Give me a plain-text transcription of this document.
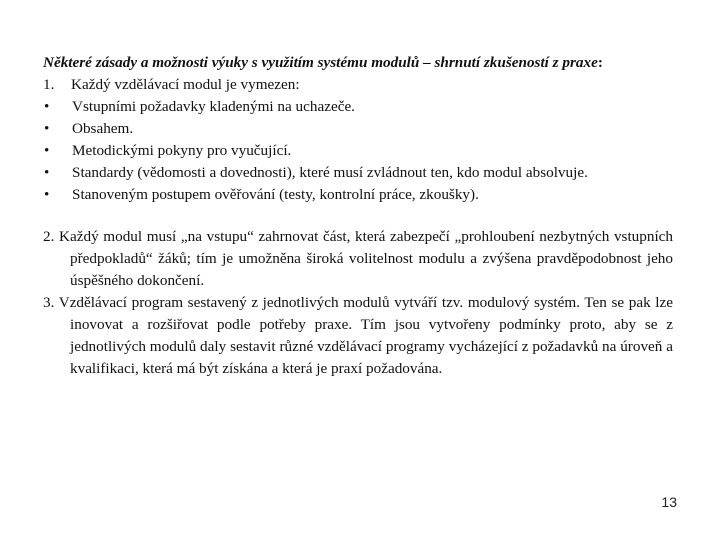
Některé zásady a možnosti výuky s využitím systému modulů – shrnutí zkušeností z praxe:
1.	Každý vzdělávací modul je vymezen:
•	Vstupními požadavky kladenými na uchazeče.
•	Obsahem.
•	Metodickými pokyny pro vyučující.
•	Standardy (vědomosti a dovednosti), které musí zvládnout ten, kdo modul absolvuje.
•	Stanoveným postupem ověřování (testy, kontrolní práce, zkoušky).
2. Každý modul musí „na vstupu“ zahrnovat část, která zabezpečí „prohloubení nezbytných vstupních předpokladů“ žáků; tím je umožněna široká volitelnost modulu a zvýšena pravděpodobnost jeho úspěšného dokončení.
3. Vzdělávací program sestavený z jednotlivých modulů vytváří tzv. modulový systém. Ten se pak lze inovovat a rozšiřovat podle potřeby praxe. Tím jsou vytvořeny podmínky proto, aby se z jednotlivých modulů daly sestavit různé vzdělávací programy vycházející z požadavků na úroveň a kvalifikaci, která má být získána a která je praxí požadována.
13
